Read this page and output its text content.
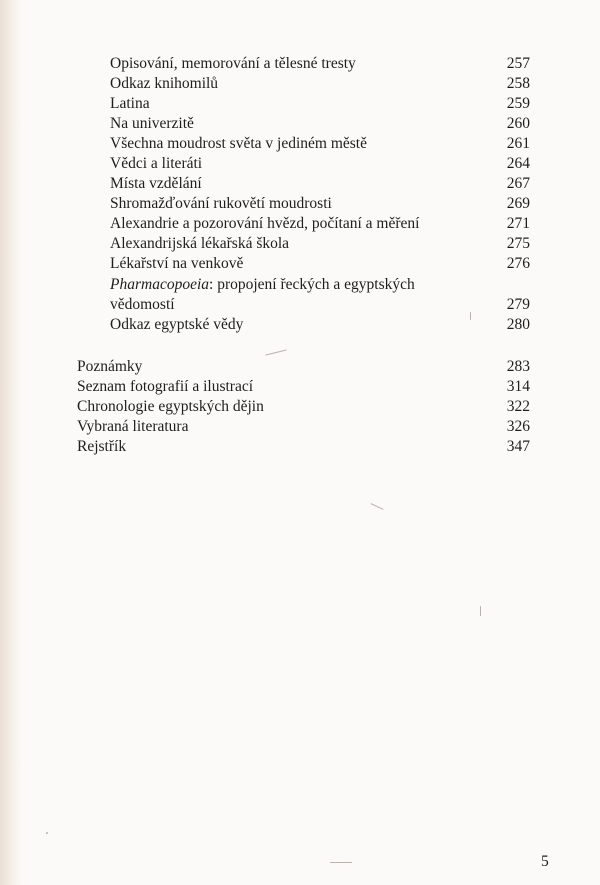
Opisování, memorování a tělesné tresty	257
Odkaz knihomilů	258
Latina	259
Na univerzitě	260
Všechna moudrost světa v jediném městě	261
Vědci a literáti	264
Místa vzdělání	267
Shromažďování rukovětí moudrosti	269
Alexandrie a pozorování hvězd, počítaní a měření	271
Alexandrijská lékařská škola	275
Lékařství na venkově	276
Pharmacopoeia: propojení řeckých a egyptských
vědomostí	279
Odkaz egyptské vědy	280
Poznámky	283
Seznam fotografií a ilustrací	314
Chronologie egyptských dějin	322
Vybraná literatura	326
Rejstřík	347
5
